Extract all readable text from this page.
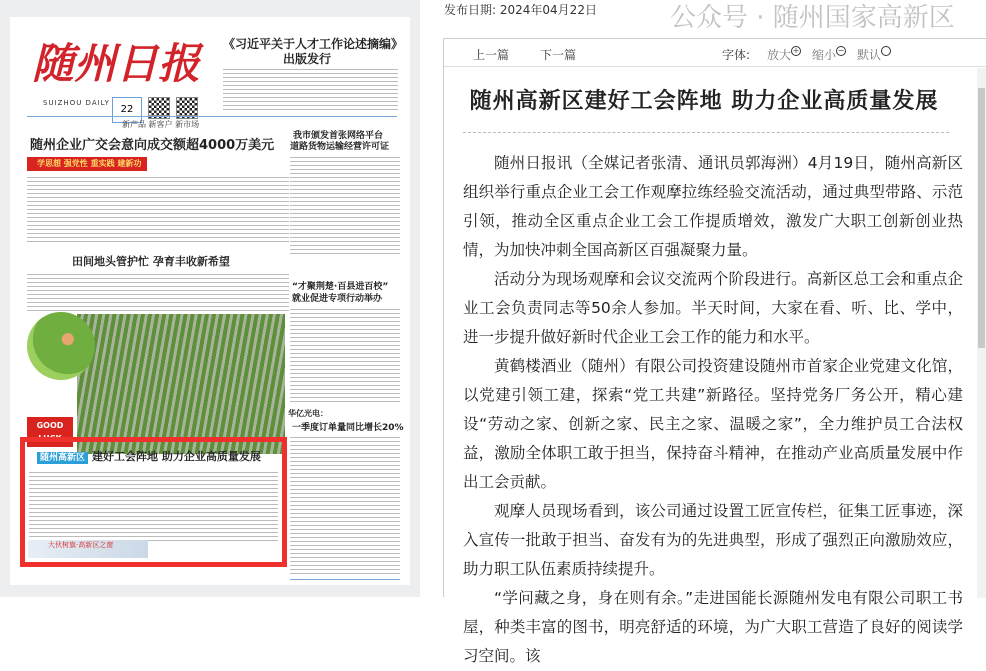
随州日报
SUIZHOU DAILY
22
《习近平关于人才工作论述摘编》
出版发行
新产品 新客户 新市场
随州企业广交会意向成交额超4000万美元
学思想 强党性 重实践 建新功
我市颁发首张网络平台
道路货物运输经营许可证
田间地头管护忙 孕育丰收新希望
“才聚荆楚·百县进百校”
就业促进专项行动举办
GOOD LUCK
华亿光电：
一季度订单量同比增长20%
随州高新区 建好工会阵地 助力企业高质量发展
大伙树旗·高新区之窗
发布日期: 2024年04月22日	公众号 · 随州国家高新区
上一篇	下一篇	字体: 放大 + 缩小 − 默认
随州高新区建好工会阵地 助力企业高质量发展

随州日报讯（全媒记者张清、通讯员郭海洲）4月19日，随州高新区组织举行重点企业工会工作观摩拉练经验交流活动，通过典型带路、示范引领，推动全区重点企业工会工作提质增效，激发广大职工创新创业热情，为加快冲刺全国高新区百强凝聚力量。

活动分为现场观摩和会议交流两个阶段进行。高新区总工会和重点企业工会负责同志等50余人参加。半天时间，大家在看、听、比、学中，进一步提升做好新时代企业工会工作的能力和水平。

黄鹤楼酒业（随州）有限公司投资建设随州市首家企业党建文化馆，以党建引领工建，探索“党工共建”新路径。坚持党务厂务公开，精心建设“劳动之家、创新之家、民主之家、温暖之家”，全力维护员工合法权益，激励全体职工敢于担当，保持奋斗精神，在推动产业高质量发展中作出工会贡献。

观摩人员现场看到，该公司通过设置工匠宣传栏，征集工匠事迹，深入宣传一批敢于担当、奋发有为的先进典型，形成了强烈正向激励效应，助力职工队伍素质持续提升。

“学问藏之身，身在则有余。”走进国能长源随州发电有限公司职工书屋，种类丰富的图书，明亮舒适的环境，为广大职工营造了良好的阅读学习空间。该
